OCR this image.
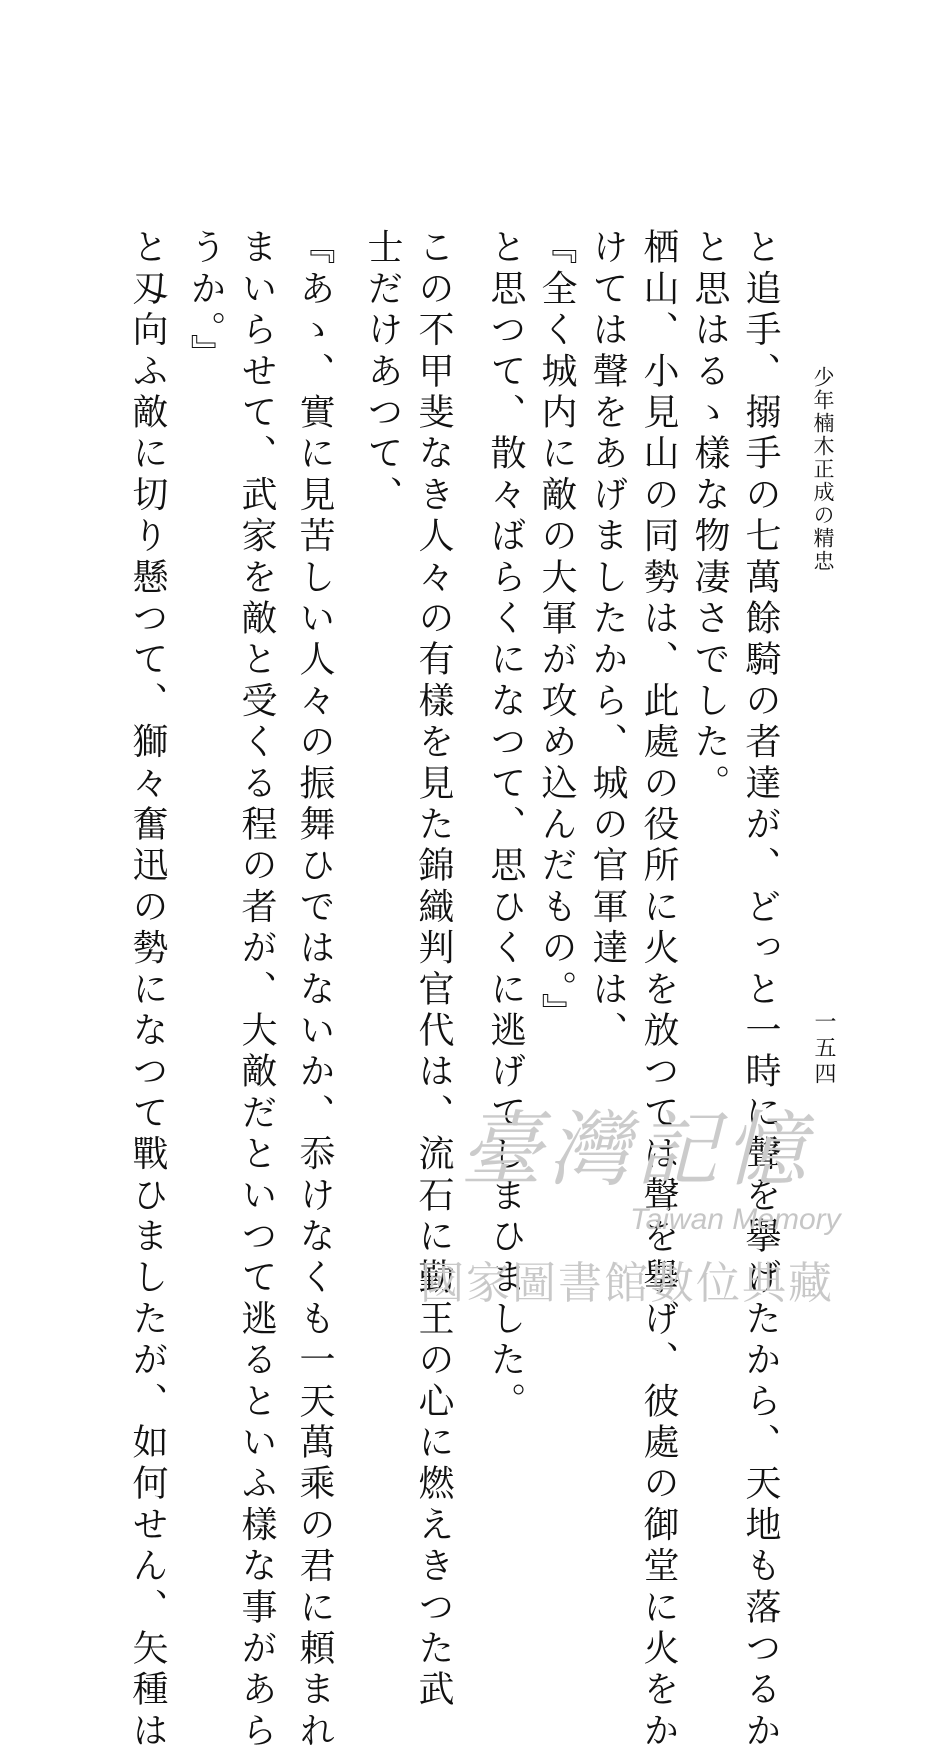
少年楠木正成の精忠
一五四
と追手、搦手の七萬餘騎の者達が、どっと一時に聲を擧げたから、天地も落つるか
と思はるゝ樣な物凄さでした。
栖山、小見山の同勢は、此處の役所に火を放つては聲を擧げ、彼處の御堂に火をか
けては聲をあげましたから、城の官軍達は、
『全く城内に敵の大軍が攻め込んだもの。』
と思つて、散々ばらくになつて、思ひくに逃げてしまひました。
この不甲斐なき人々の有樣を見た錦織判官代は、流石に勤王の心に燃えきつた武
士だけあつて、
『あゝ、實に見苦しい人々の振舞ひではないか、忝けなくも一天萬乘の君に頼まれ
まいらせて、武家を敵と受くる程の者が、大敵だといつて逃るといふ樣な事があら
うか。』
と刄向ふ敵に切り懸つて、獅々奮迅の勢になつて戰ひましたが、如何せん、矢種は	臺灣記憶
Taiwan Memory
國家圖書館數位典藏
